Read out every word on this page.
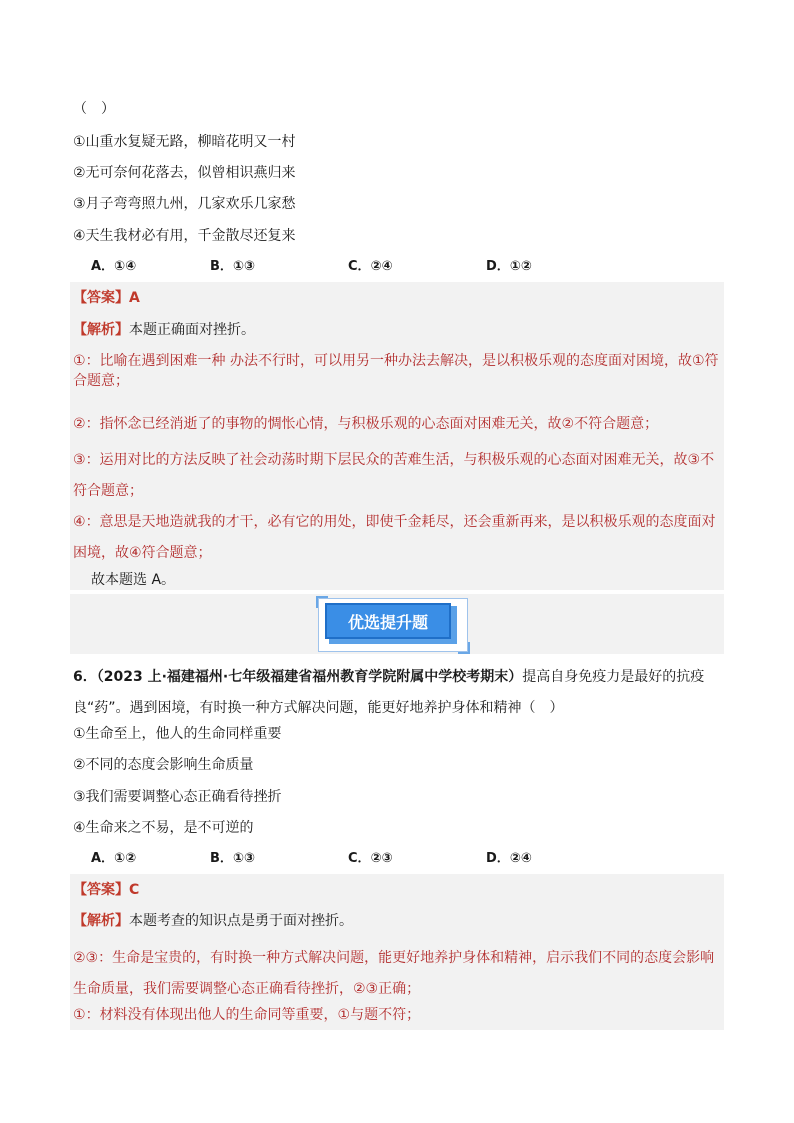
（　）
①山重水复疑无路，柳暗花明又一村
②无可奈何花落去，似曾相识燕归来
③月子弯弯照九州，几家欢乐几家愁
④天生我材必有用，千金散尽还复来
A．①④	B．①③	C．②④	D．①②
【答案】A
【解析】本题正确面对挫折。
①：比喻在遇到困难一种 办法不行时，可以用另一种办法去解决，是以积极乐观的态度面对困境，故①符合题意；
②：指怀念已经消逝了的事物的惆怅心情，与积极乐观的心态面对困难无关，故②不符合题意；
③：运用对比的方法反映了社会动荡时期下层民众的苦难生活，与积极乐观的心态面对困难无关，故③不符合题意；
④：意思是天地造就我的才干，必有它的用处，即使千金耗尽，还会重新再来，是以积极乐观的态度面对困境，故④符合题意；
故本题选 A。
优选提升题
6．（2023 上·福建福州·七年级福建省福州教育学院附属中学校考期末）提高自身免疫力是最好的抗疫良“药”。遇到困境，有时换一种方式解决问题，能更好地养护身体和精神（　）
①生命至上，他人的生命同样重要
②不同的态度会影响生命质量
③我们需要调整心态正确看待挫折
④生命来之不易，是不可逆的
A．①②	B．①③	C．②③	D．②④
【答案】C
【解析】本题考查的知识点是勇于面对挫折。
②③：生命是宝贵的，有时换一种方式解决问题，能更好地养护身体和精神，启示我们不同的态度会影响生命质量，我们需要调整心态正确看待挫折，②③正确；
①：材料没有体现出他人的生命同等重要，①与题不符；
